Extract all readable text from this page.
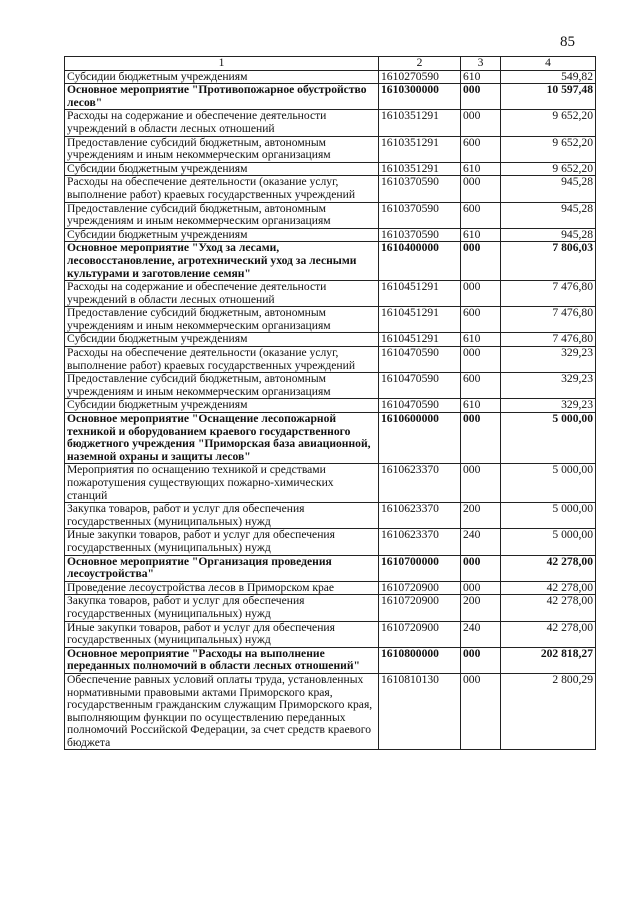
85
1	2	3	4
Субсидии бюджетным учреждениям	1610270590	610	549,82
Основное мероприятие "Противопожарное обустройство лесов"	1610300000	000	10 597,48
Расходы на содержание и обеспечение деятельности учреждений в области лесных отношений	1610351291	000	9 652,20
Предоставление субсидий бюджетным, автономным учреждениям и иным некоммерческим организациям	1610351291	600	9 652,20
Субсидии бюджетным учреждениям	1610351291	610	9 652,20
Расходы на обеспечение деятельности (оказание услуг, выполнение работ) краевых государственных учреждений	1610370590	000	945,28
Предоставление субсидий бюджетным, автономным учреждениям и иным некоммерческим организациям	1610370590	600	945,28
Субсидии бюджетным учреждениям	1610370590	610	945,28
Основное мероприятие "Уход за лесами, лесовосстановление, агротехнический уход за лесными культурами и заготовление семян"	1610400000	000	7 806,03
Расходы на содержание и обеспечение деятельности учреждений в области лесных отношений	1610451291	000	7 476,80
Предоставление субсидий бюджетным, автономным учреждениям и иным некоммерческим организациям	1610451291	600	7 476,80
Субсидии бюджетным учреждениям	1610451291	610	7 476,80
Расходы на обеспечение деятельности (оказание услуг, выполнение работ) краевых государственных учреждений	1610470590	000	329,23
Предоставление субсидий бюджетным, автономным учреждениям и иным некоммерческим организациям	1610470590	600	329,23
Субсидии бюджетным учреждениям	1610470590	610	329,23
Основное мероприятие "Оснащение лесопожарной техникой и оборудованием краевого государственного бюджетного учреждения "Приморская база авиационной, наземной охраны и защиты лесов"	1610600000	000	5 000,00
Мероприятия по оснащению техникой и средствами пожаротушения существующих пожарно-химических станций	1610623370	000	5 000,00
Закупка товаров, работ и услуг для обеспечения государственных (муниципальных) нужд	1610623370	200	5 000,00
Иные закупки товаров, работ и услуг для обеспечения государственных (муниципальных) нужд	1610623370	240	5 000,00
Основное мероприятие "Организация проведения лесоустройства"	1610700000	000	42 278,00
Проведение лесоустройства лесов в Приморском крае	1610720900	000	42 278,00
Закупка товаров, работ и услуг для обеспечения государственных (муниципальных) нужд	1610720900	200	42 278,00
Иные закупки товаров, работ и услуг для обеспечения государственных (муниципальных) нужд	1610720900	240	42 278,00
Основное мероприятие "Расходы на выполнение переданных полномочий в области лесных отношений"	1610800000	000	202 818,27
Обеспечение равных условий оплаты труда, установленных нормативными правовыми актами Приморского края, государственным гражданским служащим Приморского края, выполняющим функции по осуществлению переданных полномочий Российской Федерации, за счет средств краевого бюджета	1610810130	000	2 800,29
